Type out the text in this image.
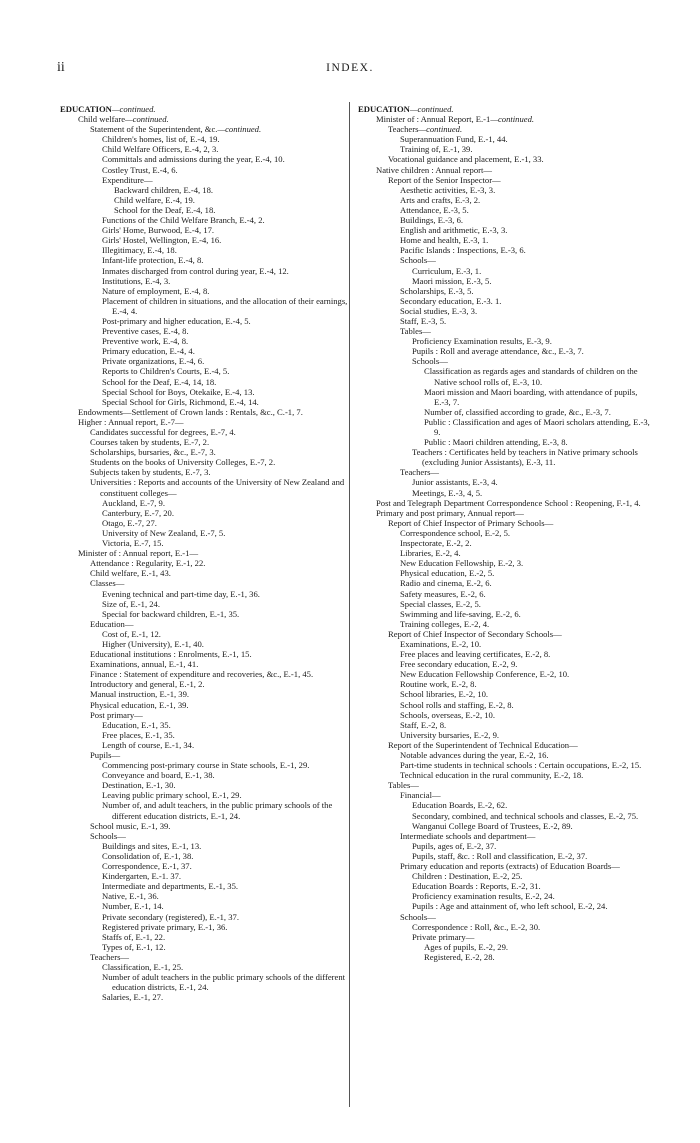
ii	INDEX.
EDUCATION—continued.
Child welfare—continued.
Statement of the Superintendent, &c.—continued.
Children's homes, list of, E.-4, 19.
Child Welfare Officers, E.-4, 2, 3.
Committals and admissions during the year, E.-4, 10.
Costley Trust, E.-4, 6.
Expenditure—
Backward children, E.-4, 18.
Child welfare, E.-4, 19.
School for the Deaf, E.-4, 18.
Functions of the Child Welfare Branch, E.-4, 2.
Girls' Home, Burwood, E.-4, 17.
Girls' Hostel, Wellington, E.-4, 16.
Illegitimacy, E.-4, 18.
Infant-life protection, E.-4, 8.
Inmates discharged from control during year, E.-4, 12.
Institutions, E.-4, 3.
Nature of employment, E.-4, 8.
Placement of children in situations, and the allocation of their earnings, E.-4, 4.
Post-primary and higher education, E.-4, 5.
Preventive cases, E.-4, 8.
Preventive work, E.-4, 8.
Primary education, E.-4, 4.
Private organizations, E.-4, 6.
Reports to Children's Courts, E.-4, 5.
School for the Deaf, E.-4, 14, 18.
Special School for Boys, Otekaike, E.-4, 13.
Special School for Girls, Richmond, E.-4, 14.
Endowments—Settlement of Crown lands : Rentals, &c., C.-1, 7.
Higher : Annual report, E.-7—
Candidates successful for degrees, E.-7, 4.
Courses taken by students, E.-7, 2.
Scholarships, bursaries, &c., E.-7, 3.
Students on the books of University Colleges, E.-7, 2.
Subjects taken by students, E.-7, 3.
Universities : Reports and accounts of the University of New Zealand and constituent colleges—
Auckland, E.-7, 9.
Canterbury, E.-7, 20.
Otago, E.-7, 27.
University of New Zealand, E.-7, 5.
Victoria, E.-7, 15.
Minister of : Annual report, E.-1—
Attendance : Regularity, E.-1, 22.
Child welfare, E.-1, 43.
Classes—
Evening technical and part-time day, E.-1, 36.
Size of, E.-1, 24.
Special for backward children, E.-1, 35.
Education—
Cost of, E.-1, 12.
Higher (University), E.-1, 40.
Educational institutions : Enrolments, E.-1, 15.
Examinations, annual, E.-1, 41.
Finance : Statement of expenditure and recoveries, &c., E.-1, 45.
Introductory and general, E.-1, 2.
Manual instruction, E.-1, 39.
Physical education, E.-1, 39.
Post primary—
Education, E.-1, 35.
Free places, E.-1, 35.
Length of course, E.-1, 34.
Pupils—
Commencing post-primary course in State schools, E.-1, 29.
Conveyance and board, E.-1, 38.
Destination, E.-1, 30.
Leaving public primary school, E.-1, 29.
Number of, and adult teachers, in the public primary schools of the different education districts, E.-1, 24.
School music, E.-1, 39.
Schools—
Buildings and sites, E.-1, 13.
Consolidation of, E.-1, 38.
Correspondence, E.-1, 37.
Kindergarten, E.-1. 37.
Intermediate and departments, E.-1, 35.
Native, E.-1, 36.
Number, E.-1, 14.
Private secondary (registered), E.-1, 37.
Registered private primary, E.-1, 36.
Staffs of, E.-1, 22.
Types of, E.-1, 12.
Teachers—
Classification, E.-1, 25.
Number of adult teachers in the public primary schools of the different education districts, E.-1, 24.
Salaries, E.-1, 27.
EDUCATION—continued.
Minister of : Annual Report, E.-1—continued.
Teachers—continued.
Superannuation Fund, E.-1, 44.
Training of, E.-1, 39.
Vocational guidance and placement, E.-1, 33.
Native children : Annual report—
Report of the Senior Inspector—
Aesthetic activities, E.-3, 3.
Arts and crafts, E.-3, 2.
Attendance, E.-3, 5.
Buildings, E.-3, 6.
English and arithmetic, E.-3, 3.
Home and health, E.-3, 1.
Pacific Islands : Inspections, E.-3, 6.
Schools—
Curriculum, E.-3, 1.
Maori mission, E.-3, 5.
Scholarships, E.-3, 5.
Secondary education, E.-3. 1.
Social studies, E.-3, 3.
Staff, E.-3, 5.
Tables—
Proficiency Examination results, E.-3, 9.
Pupils : Roll and average attendance, &c., E.-3, 7.
Schools—
Classification as regards ages and standards of children on the Native school rolls of, E.-3, 10.
Maori mission and Maori boarding, with attendance of pupils, E.-3, 7.
Number of, classified according to grade, &c., E.-3, 7.
Public : Classification and ages of Maori scholars attending, E.-3, 9.
Public : Maori children attending, E.-3, 8.
Teachers : Certificates held by teachers in Native primary schools (excluding Junior Assistants), E.-3, 11.
Teachers—
Junior assistants, E.-3, 4.
Meetings, E.-3, 4, 5.
Post and Telegraph Department Correspondence School : Reopening, F.-1, 4.
Primary and post primary, Annual report—
Report of Chief Inspector of Primary Schools—
Correspondence school, E.-2, 5.
Inspectorate, E.-2, 2.
Libraries, E.-2, 4.
New Education Fellowship, E.-2, 3.
Physical education, E.-2, 5.
Radio and cinema, E.-2, 6.
Safety measures, E.-2, 6.
Special classes, E.-2, 5.
Swimming and life-saving, E.-2, 6.
Training colleges, E.-2, 4.
Report of Chief Inspector of Secondary Schools—
Examinations, E.-2, 10.
Free places and leaving certificates, E.-2, 8.
Free secondary education, E.-2, 9.
New Education Fellowship Conference, E.-2, 10.
Routine work, E.-2, 8.
School libraries, E.-2, 10.
School rolls and staffing, E.-2, 8.
Schools, overseas, E.-2, 10.
Staff, E.-2, 8.
University bursaries, E.-2, 9.
Report of the Superintendent of Technical Education—
Notable advances during the year, E.-2, 16.
Part-time students in technical schools : Certain occupations, E.-2, 15.
Technical education in the rural community, E.-2, 18.
Tables—
Financial—
Education Boards, E.-2, 62.
Secondary, combined, and technical schools and classes, E.-2, 75.
Wanganui College Board of Trustees, E.-2, 89.
Intermediate schools and department—
Pupils, ages of, E.-2, 37.
Pupils, staff, &c. : Roll and classification, E.-2, 37.
Primary education and reports (extracts) of Education Boards—
Children : Destination, E.-2, 25.
Education Boards : Reports, E.-2, 31.
Proficiency examination results, E.-2, 24.
Pupils : Age and attainment of, who left school, E.-2, 24.
Schools—
Correspondence : Roll, &c., E.-2, 30.
Private primary—
Ages of pupils, E.-2, 29.
Registered, E.-2, 28.
